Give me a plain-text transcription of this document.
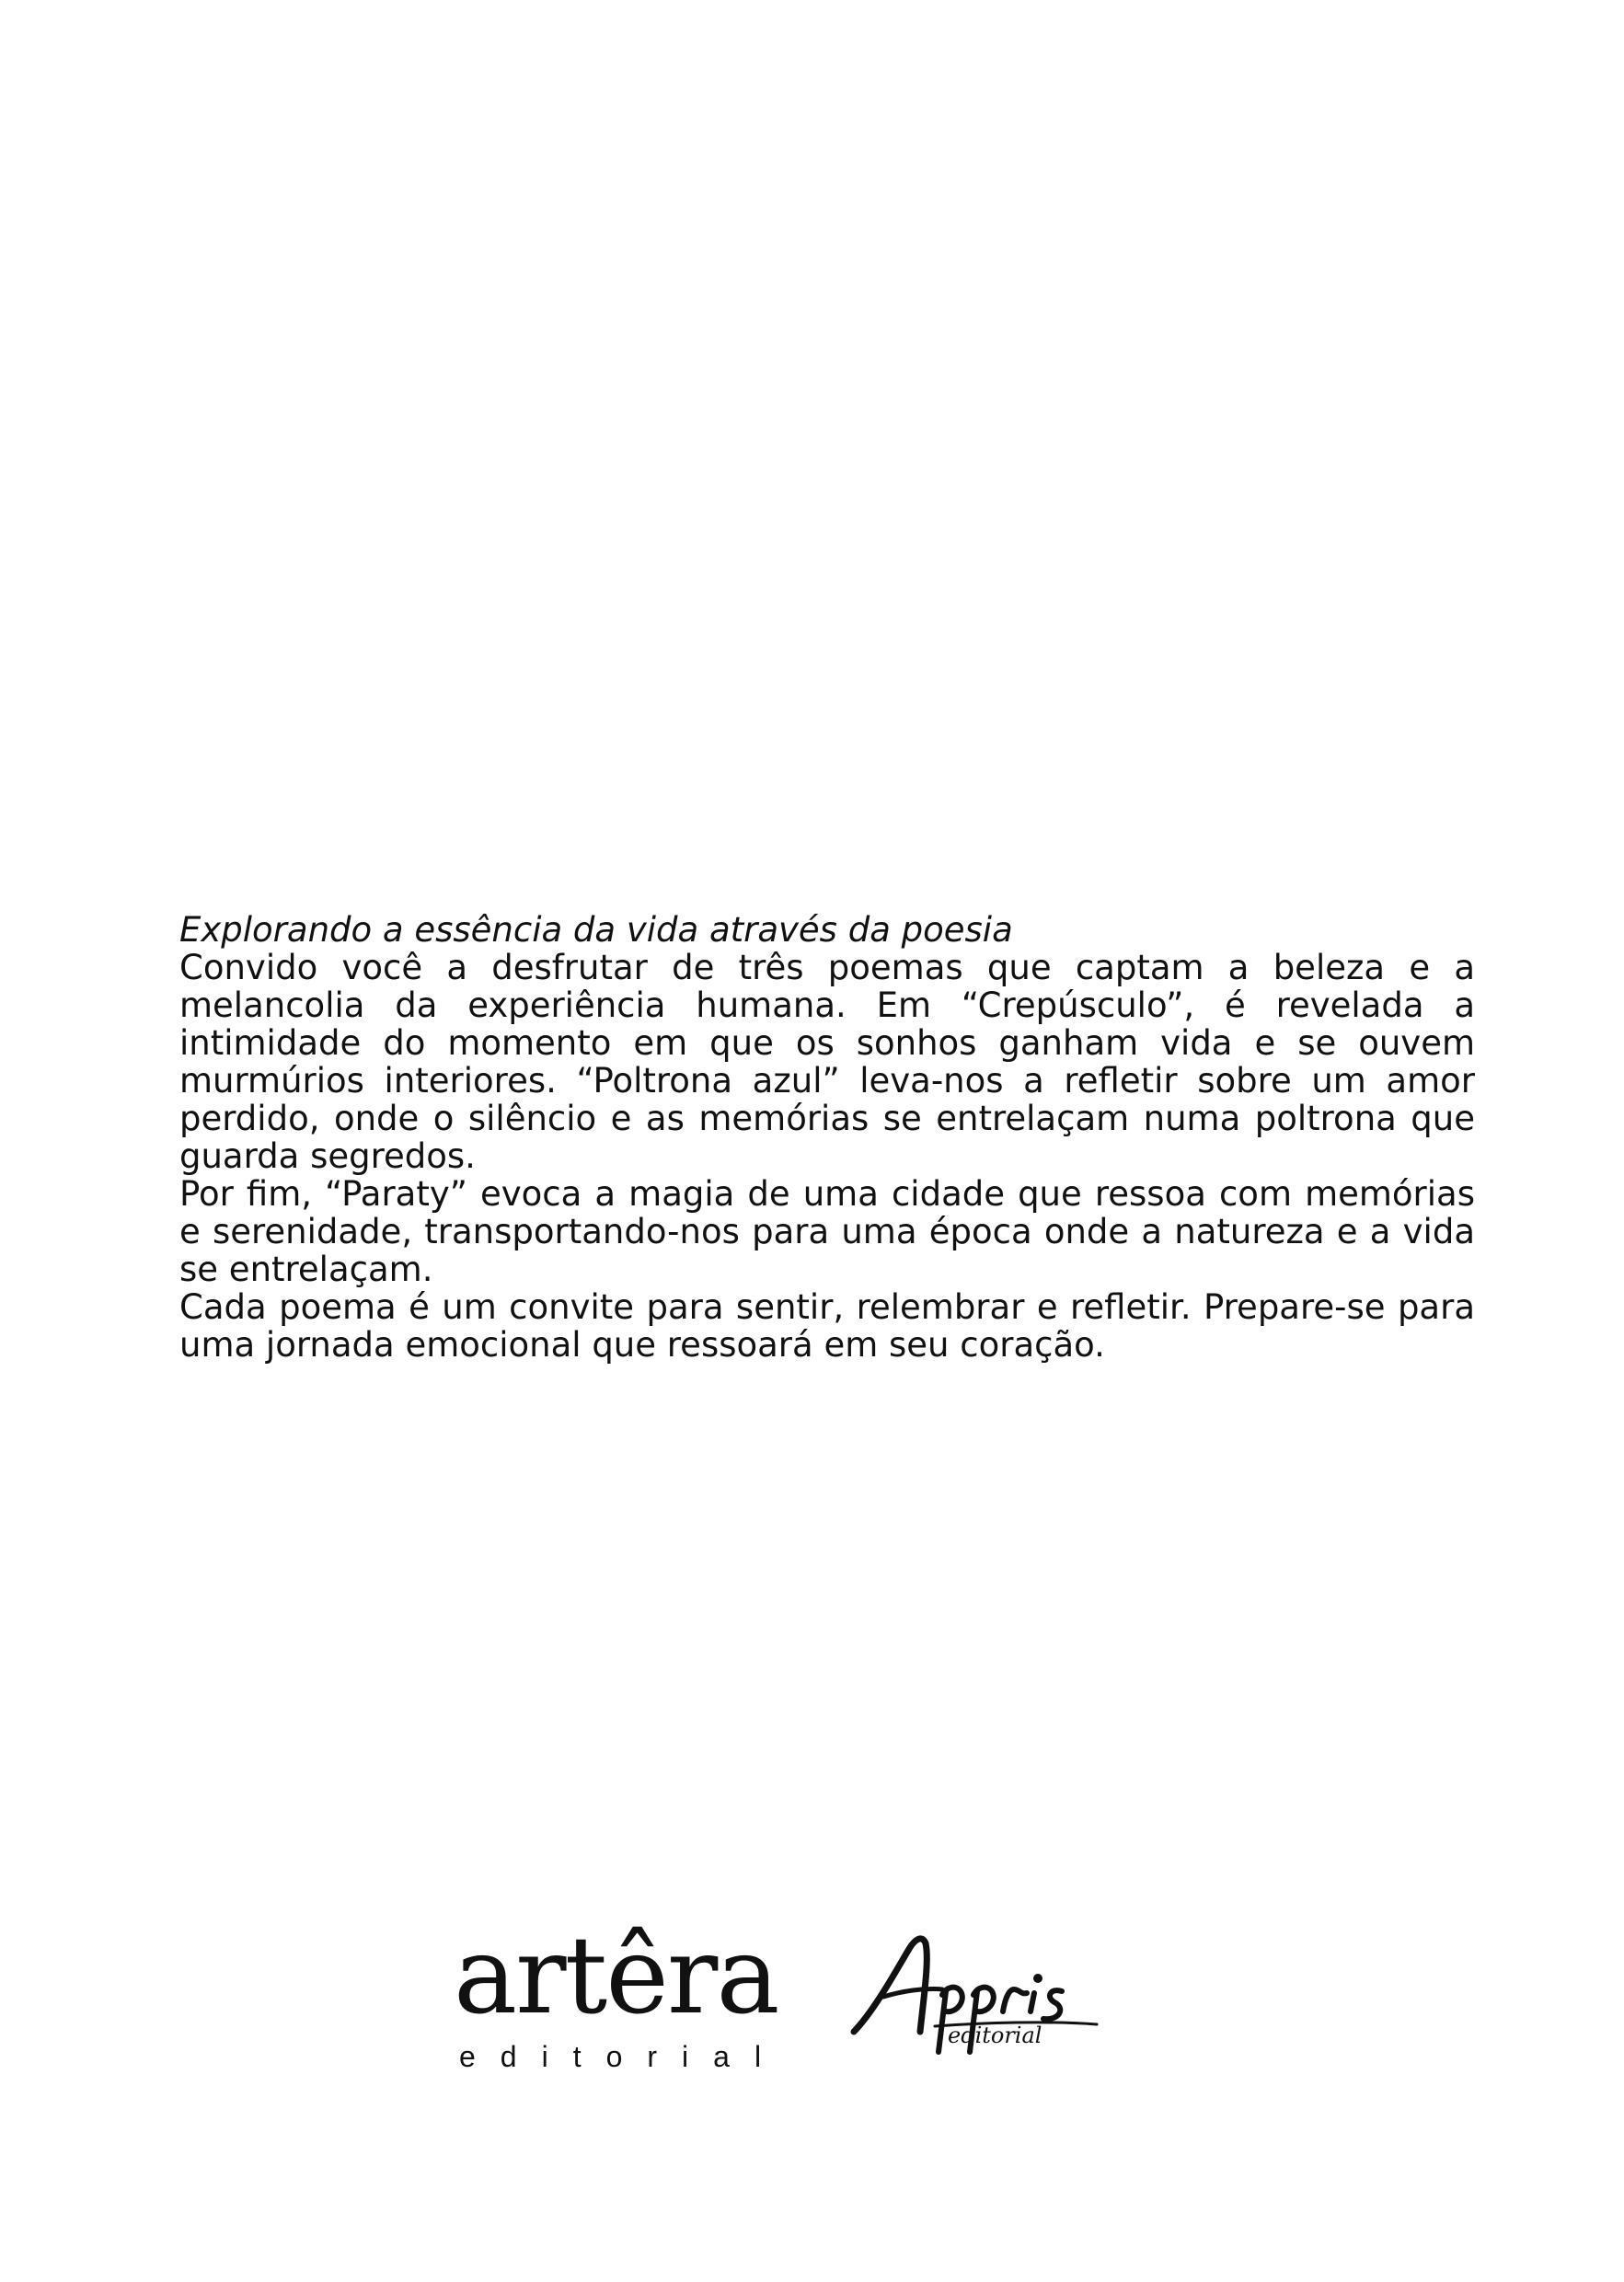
Explorando a essência da vida através da poesia

Convido você a desfrutar de três poemas que captam a beleza e a melancolia da experiência humana. Em “Crepúsculo”, é revelada a intimidade do momento em que os sonhos ganham vida e se ouvem murmúrios interiores. “Poltrona azul” leva-nos a refletir sobre um amor perdido, onde o silêncio e as memórias se entrelaçam numa poltrona que guarda segredos.

Por fim, “Paraty” evoca a magia de uma cidade que ressoa com memórias e serenidade, transportando-nos para uma época onde a natureza e a vida se entrelaçam.

Cada poema é um convite para sentir, relembrar e refletir. Prepare-se para uma jornada emocional que ressoará em seu coração.

artêra
editorial
editorial
